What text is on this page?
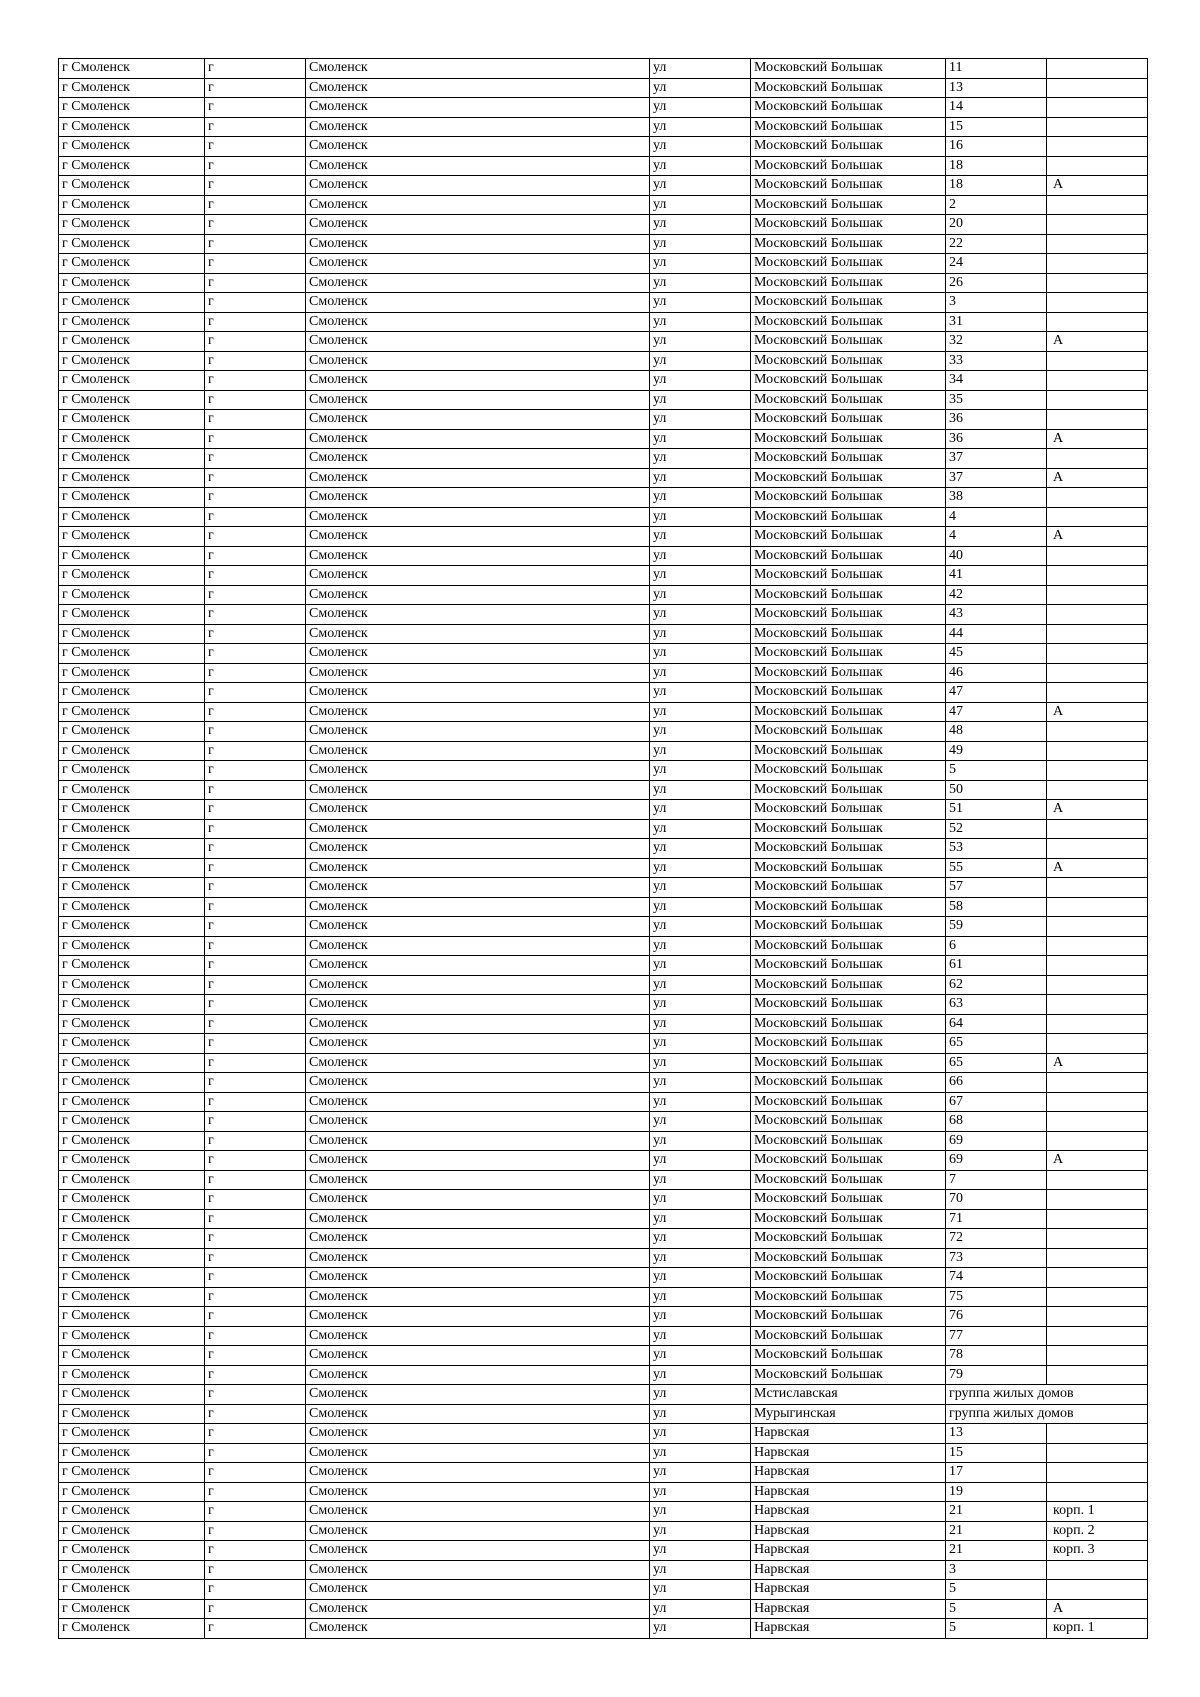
г Смоленск	г	Смоленск	ул	Московский Большак	11	
г Смоленск	г	Смоленск	ул	Московский Большак	13	
г Смоленск	г	Смоленск	ул	Московский Большак	14	
г Смоленск	г	Смоленск	ул	Московский Большак	15	
г Смоленск	г	Смоленск	ул	Московский Большак	16	
г Смоленск	г	Смоленск	ул	Московский Большак	18	
г Смоленск	г	Смоленск	ул	Московский Большак	18	А
г Смоленск	г	Смоленск	ул	Московский Большак	2	
г Смоленск	г	Смоленск	ул	Московский Большак	20	
г Смоленск	г	Смоленск	ул	Московский Большак	22	
г Смоленск	г	Смоленск	ул	Московский Большак	24	
г Смоленск	г	Смоленск	ул	Московский Большак	26	
г Смоленск	г	Смоленск	ул	Московский Большак	3	
г Смоленск	г	Смоленск	ул	Московский Большак	31	
г Смоленск	г	Смоленск	ул	Московский Большак	32	А
г Смоленск	г	Смоленск	ул	Московский Большак	33	
г Смоленск	г	Смоленск	ул	Московский Большак	34	
г Смоленск	г	Смоленск	ул	Московский Большак	35	
г Смоленск	г	Смоленск	ул	Московский Большак	36	
г Смоленск	г	Смоленск	ул	Московский Большак	36	А
г Смоленск	г	Смоленск	ул	Московский Большак	37	
г Смоленск	г	Смоленск	ул	Московский Большак	37	А
г Смоленск	г	Смоленск	ул	Московский Большак	38	
г Смоленск	г	Смоленск	ул	Московский Большак	4	
г Смоленск	г	Смоленск	ул	Московский Большак	4	А
г Смоленск	г	Смоленск	ул	Московский Большак	40	
г Смоленск	г	Смоленск	ул	Московский Большак	41	
г Смоленск	г	Смоленск	ул	Московский Большак	42	
г Смоленск	г	Смоленск	ул	Московский Большак	43	
г Смоленск	г	Смоленск	ул	Московский Большак	44	
г Смоленск	г	Смоленск	ул	Московский Большак	45	
г Смоленск	г	Смоленск	ул	Московский Большак	46	
г Смоленск	г	Смоленск	ул	Московский Большак	47	
г Смоленск	г	Смоленск	ул	Московский Большак	47	А
г Смоленск	г	Смоленск	ул	Московский Большак	48	
г Смоленск	г	Смоленск	ул	Московский Большак	49	
г Смоленск	г	Смоленск	ул	Московский Большак	5	
г Смоленск	г	Смоленск	ул	Московский Большак	50	
г Смоленск	г	Смоленск	ул	Московский Большак	51	А
г Смоленск	г	Смоленск	ул	Московский Большак	52	
г Смоленск	г	Смоленск	ул	Московский Большак	53	
г Смоленск	г	Смоленск	ул	Московский Большак	55	А
г Смоленск	г	Смоленск	ул	Московский Большак	57	
г Смоленск	г	Смоленск	ул	Московский Большак	58	
г Смоленск	г	Смоленск	ул	Московский Большак	59	
г Смоленск	г	Смоленск	ул	Московский Большак	6	
г Смоленск	г	Смоленск	ул	Московский Большак	61	
г Смоленск	г	Смоленск	ул	Московский Большак	62	
г Смоленск	г	Смоленск	ул	Московский Большак	63	
г Смоленск	г	Смоленск	ул	Московский Большак	64	
г Смоленск	г	Смоленск	ул	Московский Большак	65	
г Смоленск	г	Смоленск	ул	Московский Большак	65	А
г Смоленск	г	Смоленск	ул	Московский Большак	66	
г Смоленск	г	Смоленск	ул	Московский Большак	67	
г Смоленск	г	Смоленск	ул	Московский Большак	68	
г Смоленск	г	Смоленск	ул	Московский Большак	69	
г Смоленск	г	Смоленск	ул	Московский Большак	69	А
г Смоленск	г	Смоленск	ул	Московский Большак	7	
г Смоленск	г	Смоленск	ул	Московский Большак	70	
г Смоленск	г	Смоленск	ул	Московский Большак	71	
г Смоленск	г	Смоленск	ул	Московский Большак	72	
г Смоленск	г	Смоленск	ул	Московский Большак	73	
г Смоленск	г	Смоленск	ул	Московский Большак	74	
г Смоленск	г	Смоленск	ул	Московский Большак	75	
г Смоленск	г	Смоленск	ул	Московский Большак	76	
г Смоленск	г	Смоленск	ул	Московский Большак	77	
г Смоленск	г	Смоленск	ул	Московский Большак	78	
г Смоленск	г	Смоленск	ул	Московский Большак	79	
г Смоленск	г	Смоленск	ул	Мстиславская	группа жилых домов	
г Смоленск	г	Смоленск	ул	Мурыгинская	группа жилых домов	
г Смоленск	г	Смоленск	ул	Нарвская	13	
г Смоленск	г	Смоленск	ул	Нарвская	15	
г Смоленск	г	Смоленск	ул	Нарвская	17	
г Смоленск	г	Смоленск	ул	Нарвская	19	
г Смоленск	г	Смоленск	ул	Нарвская	21	корп. 1
г Смоленск	г	Смоленск	ул	Нарвская	21	корп. 2
г Смоленск	г	Смоленск	ул	Нарвская	21	корп. 3
г Смоленск	г	Смоленск	ул	Нарвская	3	
г Смоленск	г	Смоленск	ул	Нарвская	5	
г Смоленск	г	Смоленск	ул	Нарвская	5	А
г Смоленск	г	Смоленск	ул	Нарвская	5	корп. 1
